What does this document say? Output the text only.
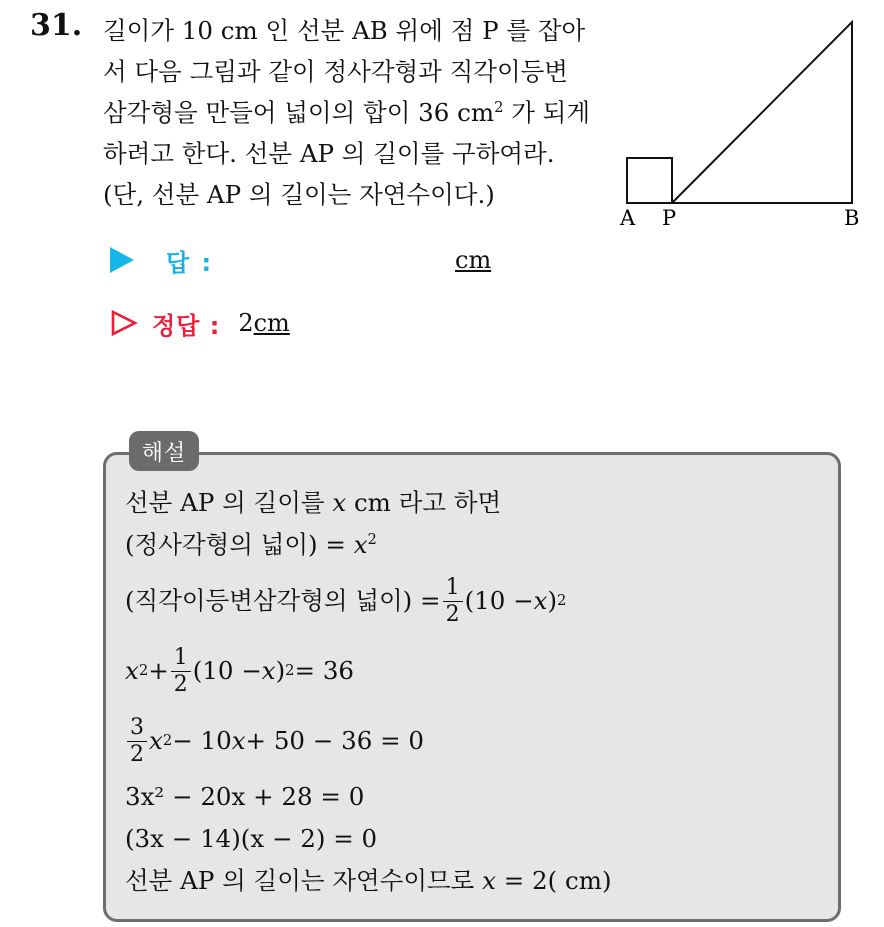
31. 길이가 10 cm 인 선분 AB 위에 점 P 를 잡아
서 다음 그림과 같이 정사각형과 직각이등변
삼각형을 만들어 넓이의 합이 36 $cm^2$ 가 되게
하려고 한다. 선분 AP 의 길이를 구하여라.
(단, 선분 AP 의 길이는 자연수이다.)
A P	B
답 :	cm
정답 : 2cm
해설
선분 AP 의 길이를 x cm 라고 하면
(정사각형의 넓이) = $x^2$
(직각이등변삼각형의 넓이) = $\frac{1}{2} (10 - x$ ) 2
x $2 + \frac{1}{2} (10 - x$ ) 2 = 36
$\frac{3}{2}$ x 2 − 10 x + 50 − 36 = 0
3x² − 20x + 28 = 0
(3x − 14)(x − 2) = 0
선분 AP 의 길이는 자연수이므로 x = 2( cm)
